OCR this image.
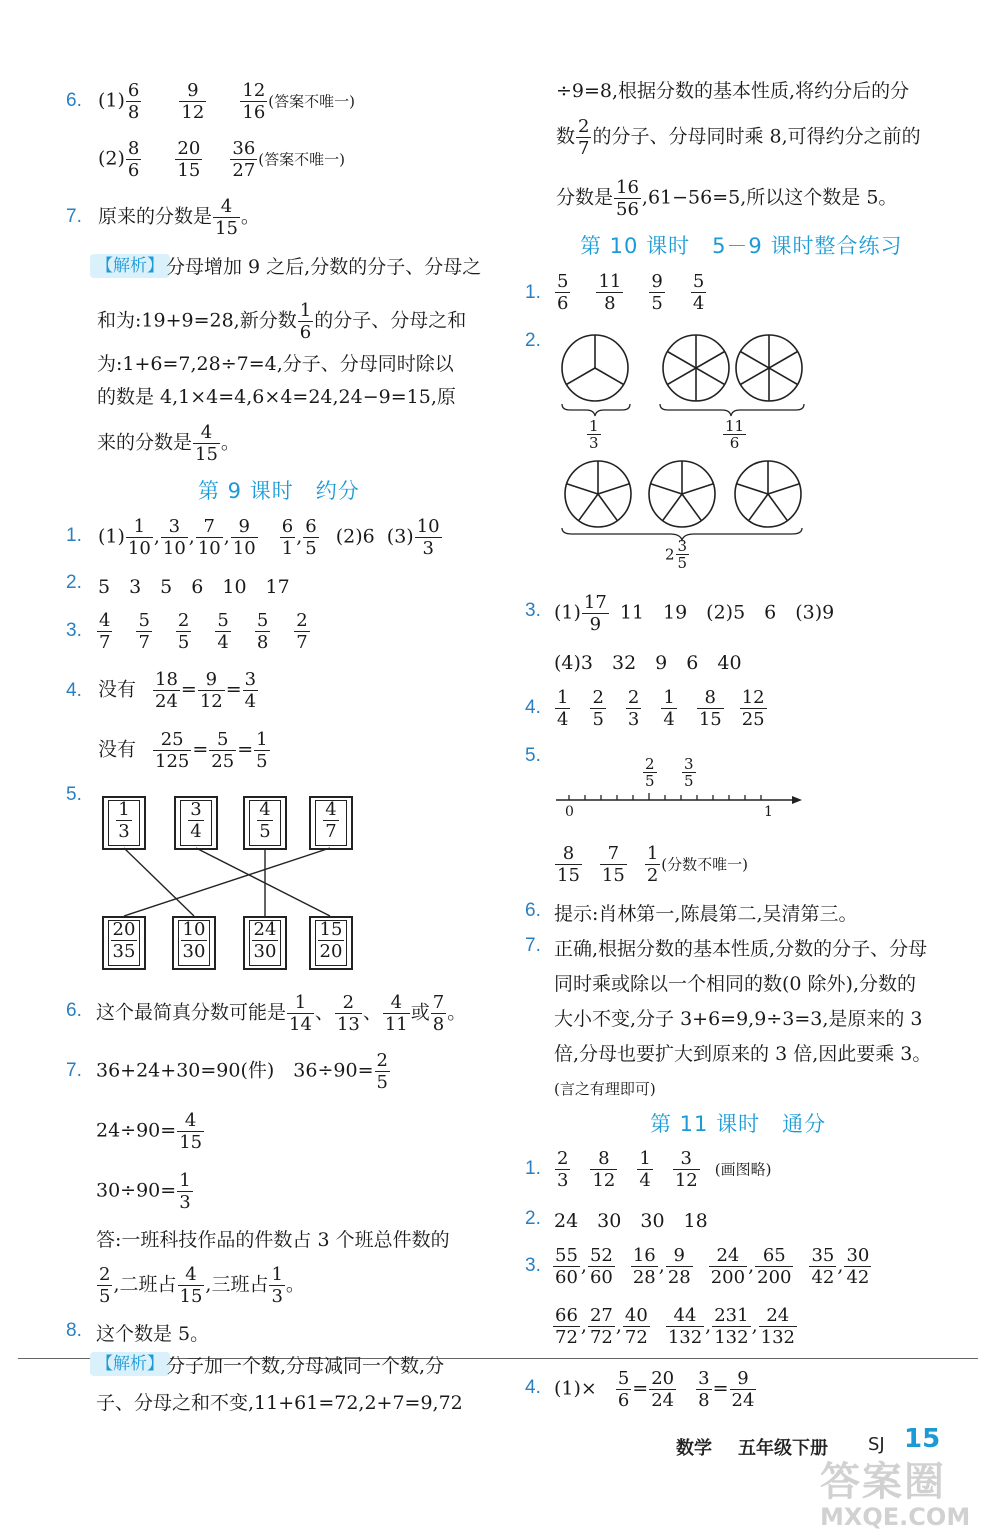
6. $(1) \frac{6}{8}$
$\frac{9}{12}$
$\frac{12}{16}$ (答案不唯一)
$(2) \frac{8}{6}$
$\frac{20}{15}$
$\frac{36}{27}$ (答案不唯一)
7. 原来的分数是 $\frac{4}{15}$ 。
【解析】 分母增加 9 之后,分数的分子、分母之
和为:19+9=28,新分数 $\frac{1}{6}$ 的分子、分母之和
为:1+6=7,28÷7=4,分子、分母同时除以
的数是 4,1×4=4,6×4=24,24−9=15,原
来的分数是 $\frac{4}{15}$ 。
第 9 课时　约分
1. $(1) \frac{1}{10}$ , $\frac{3}{10}$ , $\frac{7}{10}$ , $\frac{9}{10}$
$\frac{6}{1}$ , $\frac{6}{5} (2)6$ $(3) \frac{10}{3}$
2. 5　3　5　6　10　17
3. $\frac{4}{7} \frac{5}{7} \frac{2}{5} \frac{5}{4} \frac{5}{8} \frac{2}{7}$
4. 没有 $\frac{18}{24} = \frac{9}{12} = \frac{3}{4}$
没有 $\frac{25}{125} = \frac{5}{25} = \frac{1}{5}$
5.
$\frac{1}{3}$	$\frac{3}{4}$	$\frac{4}{5}$	$\frac{4}{7}$
$\frac{20}{35} \frac{10}{30} \frac{24}{30} \frac{15}{20}$
6. 这个最简真分数可能是 $\frac{1}{14}$ 、 $\frac{2}{13}$ 、 $\frac{4}{11}$ 或 $\frac{7}{8}$ 。
7. 36+24+30=90(件)　$36\div 90= \frac{2}{5}$
$24\div 90= \frac{4}{15}$
$30\div 90= \frac{1}{3}$
答:一班科技作品的件数占 3 个班总件数的
$\frac{2}{5}$ ,二班占 $\frac{4}{15}$ ,三班占 $\frac{1}{3}$ 。
8. 这个数是 5。
【解析】 分子加一个数,分母减同一个数,分
子、分母之和不变,11+61=72,2+7=9,72
÷9=8,根据分数的基本性质,将约分后的分
数 $\frac{2}{7}$ 的分子、分母同时乘 8,可得约分之前的
分数是 $\frac{16}{56} ,61-56=5$,所以这个数是 5。
第 10 课时　5－9 课时整合练习
1. $\frac{5}{6} \frac{11}{8} \frac{9}{5} \frac{5}{4}$
2.
$\frac{1}{3}$	$\frac{11}{6}$
$2 \frac{3}{5}$
3. $(1) \frac{17}{9} 11$　19　(2)5　6　(3)9
(4)3　32　9　6　40
4. $\frac{1}{4} \frac{2}{5} \frac{2}{3} \frac{1}{4} \frac{8}{15} \frac{12}{25}$
5.
$\frac{2}{5} \frac{3}{5}$
0	1
$\frac{8}{15} \frac{7}{15} \frac{1}{2}$ (分数不唯一)
6. 提示:肖林第一,陈晨第二,吴清第三。
7. 正确,根据分数的基本性质,分数的分子、分母
同时乘或除以一个相同的数(0 除外),分数的
大小不变,分子 3+6=9,9÷3=3,是原来的 3
倍,分母也要扩大到原来的 3 倍,因此要乘 3。
(言之有理即可)
第 11 课时　通分
1. $\frac{2}{3} \frac{8}{12} \frac{1}{4} \frac{3}{12}$ (画图略)
2. 24　30　30　18
3. $\frac{55}{60}$ , $\frac{52}{60} \frac{16}{28}$ , $\frac{9}{28} \frac{24}{200}$ , $\frac{65}{200} \frac{35}{42}$ , $\frac{30}{42}$
$\frac{66}{72}$ , $\frac{27}{72}$ , $\frac{40}{72} \frac{44}{132}$ , $\frac{231}{132}$ , $\frac{24}{132}$
4. $(1)\times \frac{5}{6} = \frac{20}{24} \frac{3}{8} = \frac{9}{24}$
数学 五年级下册 SJ 15
答案圈
MXQE.COM
